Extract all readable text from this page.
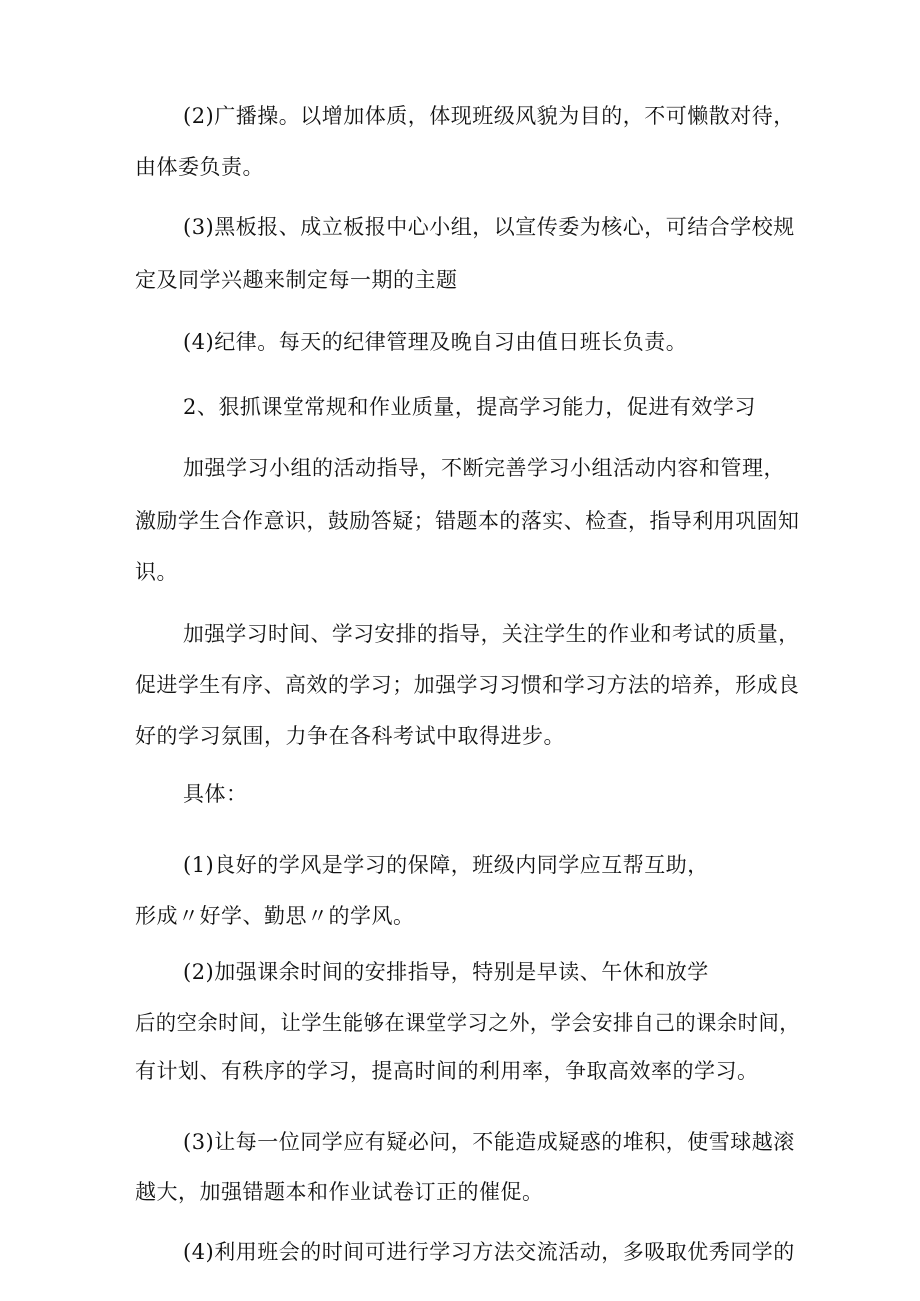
(2)广播操。以增加体质，体现班级风貌为目的，不可懒散对待，
由体委负责。
(3)黑板报、成立板报中心小组，以宣传委为核心，可结合学校规
定及同学兴趣来制定每一期的主题
(4)纪律。每天的纪律管理及晚自习由值日班长负责。
2、狠抓课堂常规和作业质量，提高学习能力，促进有效学习
加强学习小组的活动指导，不断完善学习小组活动内容和管理，
激励学生合作意识，鼓励答疑；错题本的落实、检查，指导利用巩固知
识。
加强学习时间、学习安排的指导，关注学生的作业和考试的质量，
促进学生有序、高效的学习；加强学习习惯和学习方法的培养，形成良
好的学习氛围，力争在各科考试中取得进步。
具体：
(1)良好的学风是学习的保障，班级内同学应互帮互助，
形成〃好学、勤思〃的学风。
(2)加强课余时间的安排指导，特别是早读、午休和放学
后的空余时间，让学生能够在课堂学习之外，学会安排自己的课余时间，
有计划、有秩序的学习，提高时间的利用率，争取高效率的学习。
(3)让每一位同学应有疑必问，不能造成疑惑的堆积，使雪球越滚
越大，加强错题本和作业试卷订正的催促。
(4)利用班会的时间可进行学习方法交流活动，多吸取优秀同学的
